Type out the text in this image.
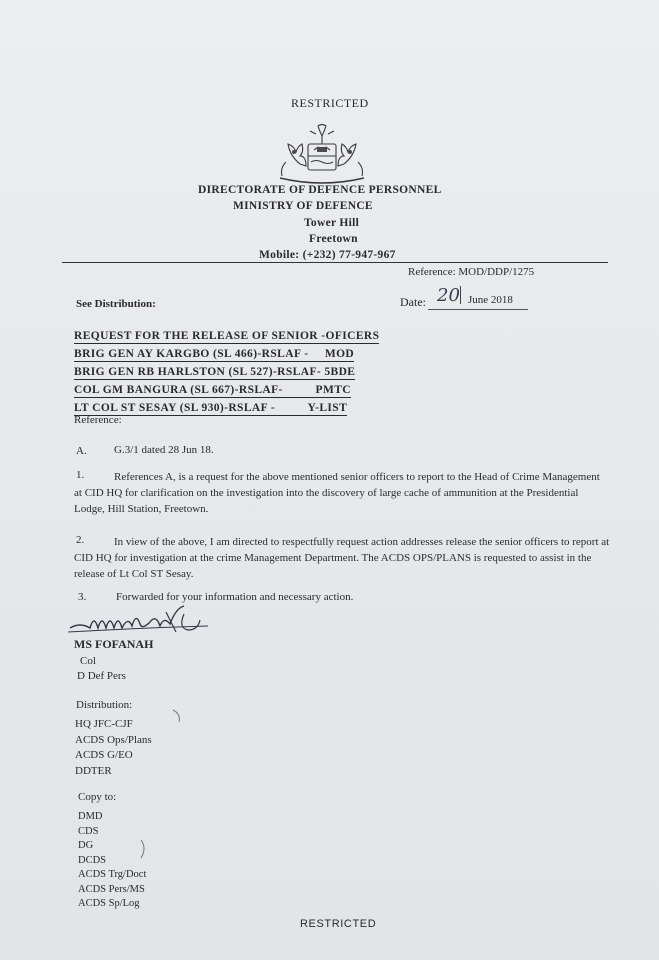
RESTRICTED
DIRECTORATE OF DEFENCE PERSONNEL
MINISTRY OF DEFENCE
Tower Hill
Freetown
Mobile: (+232) 77-947-967
Reference: MOD/DDP/1275
See Distribution:	Date: 20 June 2018
REQUEST FOR THE RELEASE OF SENIOR -OFICERS
BRIG GEN AY KARGBO (SL 466)-RSLAF -     MOD
BRIG GEN RB HARLSTON (SL 527)-RSLAF- 5BDE
COL GM BANGURA (SL 667)-RSLAF-          PMTC
LT COL ST SESAY (SL 930)-RSLAF -          Y-LIST
Reference:
A. G.3/1 dated 28 Jun 18.
1.	References A, is a request for the above mentioned senior officers to report to the Head of Crime Management at CID HQ for clarification on the investigation into the discovery of large cache of ammunition at the Presidential Lodge, Hill Station, Freetown.
2.	In view of the above, I am directed to respectfully request action addresses release the senior officers to report at CID HQ for investigation at the crime Management Department. The ACDS OPS/PLANS is requested to assist in the release of Lt Col ST Sesay.
3.	Forwarded for your information and necessary action.
MS FOFANAH
Col
D Def Pers
Distribution:
HQ JFC-CJF
ACDS Ops/Plans
ACDS G/EO
DDTER
Copy to:
DMD
CDS
DG
DCDS
ACDS Trg/Doct
ACDS Pers/MS
ACDS Sp/Log
RESTRICTED
